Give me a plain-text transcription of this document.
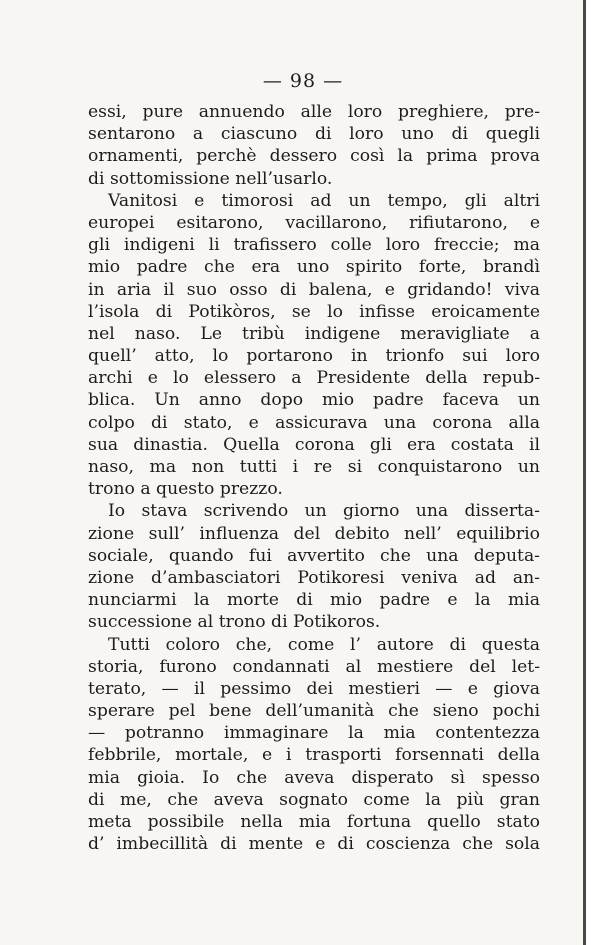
— 98 —
essi, pure annuendo alle loro preghiere, pre-
sentarono a ciascuno di loro uno di quegli
ornamenti, perchè dessero così la prima prova
di sottomissione nell’usarlo.
Vanitosi e timorosi ad un tempo, gli altri
europei esitarono, vacillarono, rifiutarono, e
gli indigeni li trafissero colle loro freccie; ma
mio padre che era uno spirito forte, brandì
in aria il suo osso di balena, e gridando! viva
l’isola di Potikòros, se lo infisse eroicamente
nel naso. Le tribù indigene meravigliate a
quell’ atto, lo portarono in trionfo sui loro
archi e lo elessero a Presidente della repub-
blica. Un anno dopo mio padre faceva un
colpo di stato, e assicurava una corona alla
sua dinastia. Quella corona gli era costata il
naso, ma non tutti i re si conquistarono un
trono a questo prezzo.
Io stava scrivendo un giorno una disserta-
zione sull’ influenza del debito nell’ equilibrio
sociale, quando fui avvertito che una deputa-
zione d’ambasciatori Potikoresi veniva ad an-
nunciarmi la morte di mio padre e la mia
successione al trono di Potikoros.
Tutti coloro che, come l’ autore di questa
storia, furono condannati al mestiere del let-
terato, — il pessimo dei mestieri — e giova
sperare pel bene dell’umanità che sieno pochi
— potranno immaginare la mia contentezza
febbrile, mortale, e i trasporti forsennati della
mia gioia. Io che aveva disperato sì spesso
di me, che aveva sognato come la più gran
meta possibile nella mia fortuna quello stato
d’ imbecillità di mente e di coscienza che sola
